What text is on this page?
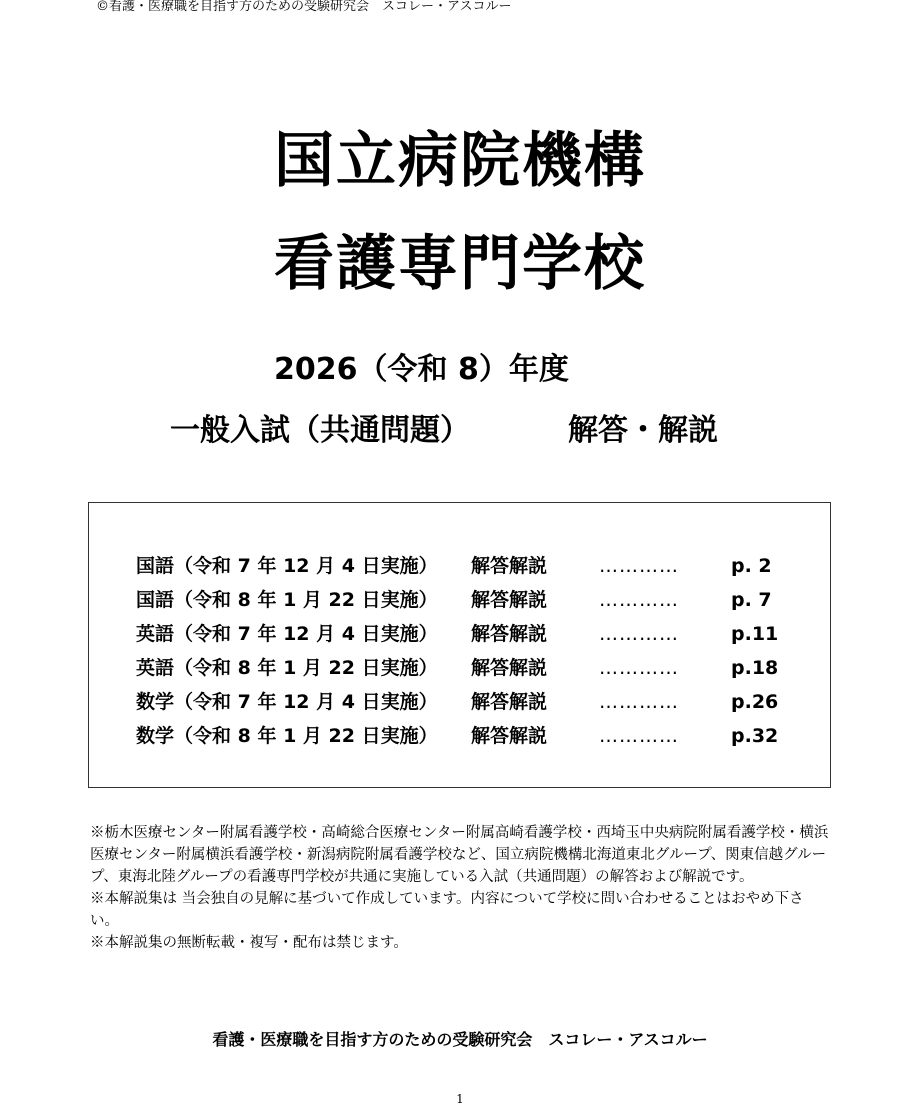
©看護・医療職を目指す方のための受験研究会　スコレー・アスコルー
国立病院機構
看護専門学校
2026（令和 8）年度
一般入試（共通問題）	解答・解説
国語（令和 7 年 12 月 4 日実施） 解答解説	…………	p. 2
国語（令和 8 年 1 月 22 日実施） 解答解説	…………	p. 7
英語（令和 7 年 12 月 4 日実施） 解答解説	…………	p.11
英語（令和 8 年 1 月 22 日実施） 解答解説	…………	p.18
数学（令和 7 年 12 月 4 日実施） 解答解説	…………	p.26
数学（令和 8 年 1 月 22 日実施） 解答解説	…………	p.32

※栃木医療センター附属看護学校・高崎総合医療センター附属高崎看護学校・西埼玉中央病院附属看護学校・横浜医療センター附属横浜看護学校・新潟病院附属看護学校など、国立病院機構北海道東北グループ、関東信越グループ、東海北陸グループの看護専門学校が共通に実施している入試（共通問題）の解答および解説です。

※本解説集は 当会独自の見解に基づいて作成しています。内容について学校に問い合わせることはおやめ下さい。

※本解説集の無断転載・複写・配布は禁じます。

看護・医療職を目指す方のための受験研究会　スコレー・アスコルー
1
